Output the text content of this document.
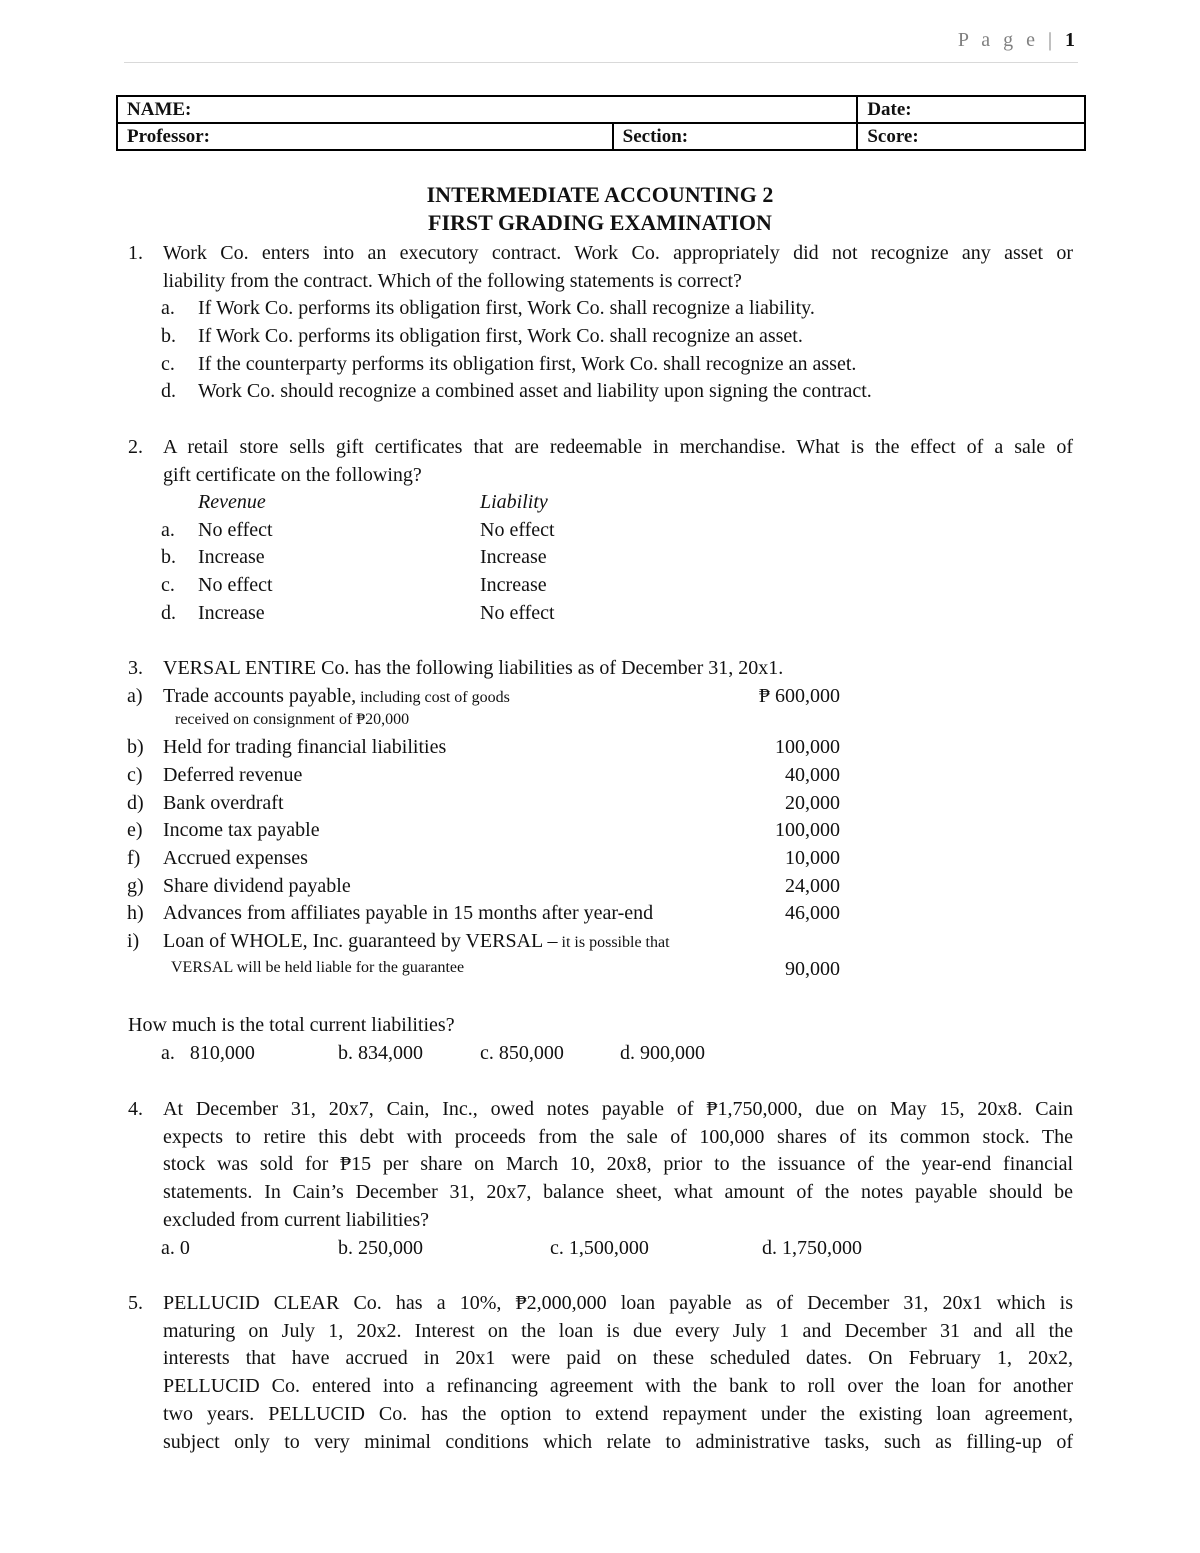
P a g e | 1
NAME:		Date:
Professor:	Section:	Score:
INTERMEDIATE ACCOUNTING 2
FIRST GRADING EXAMINATION
1. Work Co. enters into an executory contract. Work Co. appropriately did not recognize any asset or
liability from the contract. Which of the following statements is correct?
a. If Work Co. performs its obligation first, Work Co. shall recognize a liability.
b. If Work Co. performs its obligation first, Work Co. shall recognize an asset.
c. If the counterparty performs its obligation first, Work Co. shall recognize an asset.
d. Work Co. should recognize a combined asset and liability upon signing the contract.
2. A retail store sells gift certificates that are redeemable in merchandise. What is the effect of a sale of
gift certificate on the following?
Revenue	Liability
a. No effect	No effect
b. Increase	Increase
c. No effect	Increase
d. Increase	No effect
3. VERSAL ENTIRE Co. has the following liabilities as of December 31, 20x1.
a) Trade accounts payable, including cost of goods
received on consignment of ₱20,000
₱ 600,000
b) Held for trading financial liabilities	100,000
c) Deferred revenue	40,000
d) Bank overdraft	20,000
e) Income tax payable	100,000
f) Accrued expenses	10,000
g) Share dividend payable	24,000
h) Advances from affiliates payable in 15 months after year-end	46,000
i) Loan of WHOLE, Inc. guaranteed by VERSAL – it is possible that
VERSAL will be held liable for the guarantee	90,000
How much is the total current liabilities?
a.   810,000	b. 834,000	c. 850,000	d. 900,000
4. At December 31, 20x7, Cain, Inc., owed notes payable of ₱1,750,000, due on May 15, 20x8. Cain
expects to retire this debt with proceeds from the sale of 100,000 shares of its common stock. The
stock was sold for ₱15 per share on March 10, 20x8, prior to the issuance of the year-end financial
statements. In Cain’s December 31, 20x7, balance sheet, what amount of the notes payable should be
excluded from current liabilities?
a. 0	b. 250,000	c. 1,500,000	d. 1,750,000
5. PELLUCID CLEAR Co. has a 10%, ₱2,000,000 loan payable as of December 31, 20x1 which is
maturing on July 1, 20x2. Interest on the loan is due every July 1 and December 31 and all the
interests that have accrued in 20x1 were paid on these scheduled dates. On February 1, 20x2,
PELLUCID Co. entered into a refinancing agreement with the bank to roll over the loan for another
two years. PELLUCID Co. has the option to extend repayment under the existing loan agreement,
subject only to very minimal conditions which relate to administrative tasks, such as filling-up of
